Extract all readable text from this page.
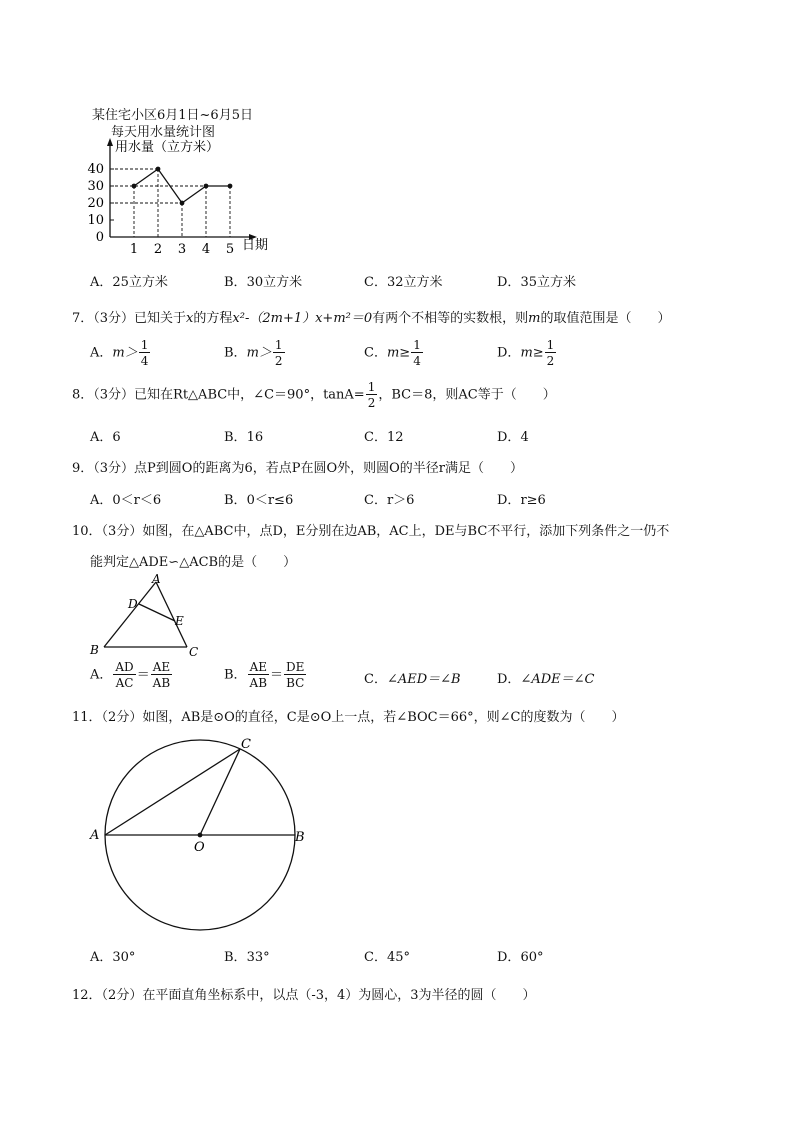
某住宅小区6月1日~6月5日
每天用水量统计图
用水量（立方米）
日期
0
10
20
30
40
1 2 3 4 5
A．25立方米	B．30立方米	C．32立方米	D．35立方米
7．（3分）已知关于x的方程x²-（2m+1）x+m²＝0有两个不相等的实数根，则m的取值范围是（　　）
A．$m> \frac{1}{4}$	B．$m> \frac{1}{2}$	C．$m\ge \frac{1}{4}$	D．$m\ge \frac{1}{2}$
8．（3分）已知在Rt△ABC中，∠C＝90°，$\tan A= \frac{1}{2}$ ，BC＝8，则AC等于（　　）
A．6	B．16	C．12	D．4
9．（3分）点P到圆O的距离为6，若点P在圆O外，则圆O的半径r满足（　　）
A．0＜r＜6	B．0＜r≤6	C．r＞6	D．r≥6
10．（3分）如图，在△ABC中，点D，E分别在边AB，AC上，DE与BC不平行，添加下列条件之一仍不
能判定△ADE∽△ACB的是（　　）
A
D
E
B	C
A． $\frac{AD}{AC} = \frac{AE}{AB}$	B． $\frac{AE}{AB} = \frac{DE}{BC}$	C．∠AED＝∠B	D．∠ADE＝∠C
11．（2分）如图，AB是⊙O的直径，C是⊙O上一点，若∠BOC＝66°，则∠C的度数为（　　）
C
A	B
O
A．30°	B．33°	C．45°	D．60°
12．（2分）在平面直角坐标系中，以点（-3，4）为圆心，3为半径的圆（　　）
